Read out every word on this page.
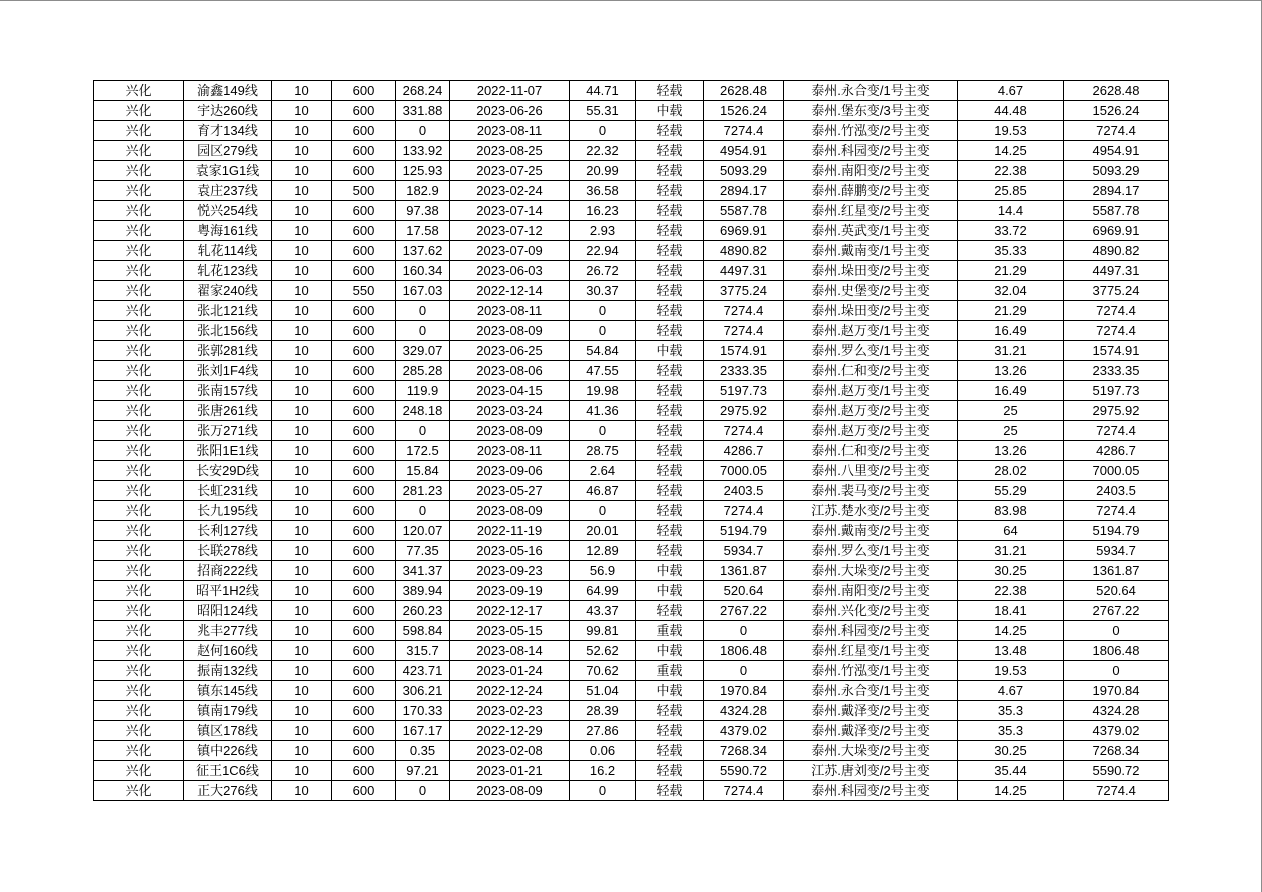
兴化	渝鑫149线	10	600	268.24	2022-11-07	44.71	轻载	2628.48	泰州.永合变/1号主变	4.67	2628.48
兴化	宇达260线	10	600	331.88	2023-06-26	55.31	中载	1526.24	泰州.堡东变/3号主变	44.48	1526.24
兴化	育才134线	10	600	0	2023-08-11	0	轻载	7274.4	泰州.竹泓变/2号主变	19.53	7274.4
兴化	园区279线	10	600	133.92	2023-08-25	22.32	轻载	4954.91	泰州.科园变/2号主变	14.25	4954.91
兴化	袁家1G1线	10	600	125.93	2023-07-25	20.99	轻载	5093.29	泰州.南阳变/2号主变	22.38	5093.29
兴化	袁庄237线	10	500	182.9	2023-02-24	36.58	轻载	2894.17	泰州.薛鹏变/2号主变	25.85	2894.17
兴化	悦兴254线	10	600	97.38	2023-07-14	16.23	轻载	5587.78	泰州.红星变/2号主变	14.4	5587.78
兴化	粤海161线	10	600	17.58	2023-07-12	2.93	轻载	6969.91	泰州.英武变/1号主变	33.72	6969.91
兴化	轧花114线	10	600	137.62	2023-07-09	22.94	轻载	4890.82	泰州.戴南变/1号主变	35.33	4890.82
兴化	轧花123线	10	600	160.34	2023-06-03	26.72	轻载	4497.31	泰州.垛田变/2号主变	21.29	4497.31
兴化	翟家240线	10	550	167.03	2022-12-14	30.37	轻载	3775.24	泰州.史堡变/2号主变	32.04	3775.24
兴化	张北121线	10	600	0	2023-08-11	0	轻载	7274.4	泰州.垛田变/2号主变	21.29	7274.4
兴化	张北156线	10	600	0	2023-08-09	0	轻载	7274.4	泰州.赵万变/1号主变	16.49	7274.4
兴化	张郭281线	10	600	329.07	2023-06-25	54.84	中载	1574.91	泰州.罗么变/1号主变	31.21	1574.91
兴化	张刘1F4线	10	600	285.28	2023-08-06	47.55	轻载	2333.35	泰州.仁和变/2号主变	13.26	2333.35
兴化	张南157线	10	600	119.9	2023-04-15	19.98	轻载	5197.73	泰州.赵万变/1号主变	16.49	5197.73
兴化	张唐261线	10	600	248.18	2023-03-24	41.36	轻载	2975.92	泰州.赵万变/2号主变	25	2975.92
兴化	张万271线	10	600	0	2023-08-09	0	轻载	7274.4	泰州.赵万变/2号主变	25	7274.4
兴化	张阳1E1线	10	600	172.5	2023-08-11	28.75	轻载	4286.7	泰州.仁和变/2号主变	13.26	4286.7
兴化	长安29D线	10	600	15.84	2023-09-06	2.64	轻载	7000.05	泰州.八里变/2号主变	28.02	7000.05
兴化	长虹231线	10	600	281.23	2023-05-27	46.87	轻载	2403.5	泰州.裴马变/2号主变	55.29	2403.5
兴化	长九195线	10	600	0	2023-08-09	0	轻载	7274.4	江苏.楚水变/2号主变	83.98	7274.4
兴化	长利127线	10	600	120.07	2022-11-19	20.01	轻载	5194.79	泰州.戴南变/2号主变	64	5194.79
兴化	长联278线	10	600	77.35	2023-05-16	12.89	轻载	5934.7	泰州.罗么变/1号主变	31.21	5934.7
兴化	招商222线	10	600	341.37	2023-09-23	56.9	中载	1361.87	泰州.大垛变/2号主变	30.25	1361.87
兴化	昭平1H2线	10	600	389.94	2023-09-19	64.99	中载	520.64	泰州.南阳变/2号主变	22.38	520.64
兴化	昭阳124线	10	600	260.23	2022-12-17	43.37	轻载	2767.22	泰州.兴化变/2号主变	18.41	2767.22
兴化	兆丰277线	10	600	598.84	2023-05-15	99.81	重载	0	泰州.科园变/2号主变	14.25	0
兴化	赵何160线	10	600	315.7	2023-08-14	52.62	中载	1806.48	泰州.红星变/1号主变	13.48	1806.48
兴化	振南132线	10	600	423.71	2023-01-24	70.62	重载	0	泰州.竹泓变/1号主变	19.53	0
兴化	镇东145线	10	600	306.21	2022-12-24	51.04	中载	1970.84	泰州.永合变/1号主变	4.67	1970.84
兴化	镇南179线	10	600	170.33	2023-02-23	28.39	轻载	4324.28	泰州.戴泽变/2号主变	35.3	4324.28
兴化	镇区178线	10	600	167.17	2022-12-29	27.86	轻载	4379.02	泰州.戴泽变/2号主变	35.3	4379.02
兴化	镇中226线	10	600	0.35	2023-02-08	0.06	轻载	7268.34	泰州.大垛变/2号主变	30.25	7268.34
兴化	征王1C6线	10	600	97.21	2023-01-21	16.2	轻载	5590.72	江苏.唐刘变/2号主变	35.44	5590.72
兴化	正大276线	10	600	0	2023-08-09	0	轻载	7274.4	泰州.科园变/2号主变	14.25	7274.4
